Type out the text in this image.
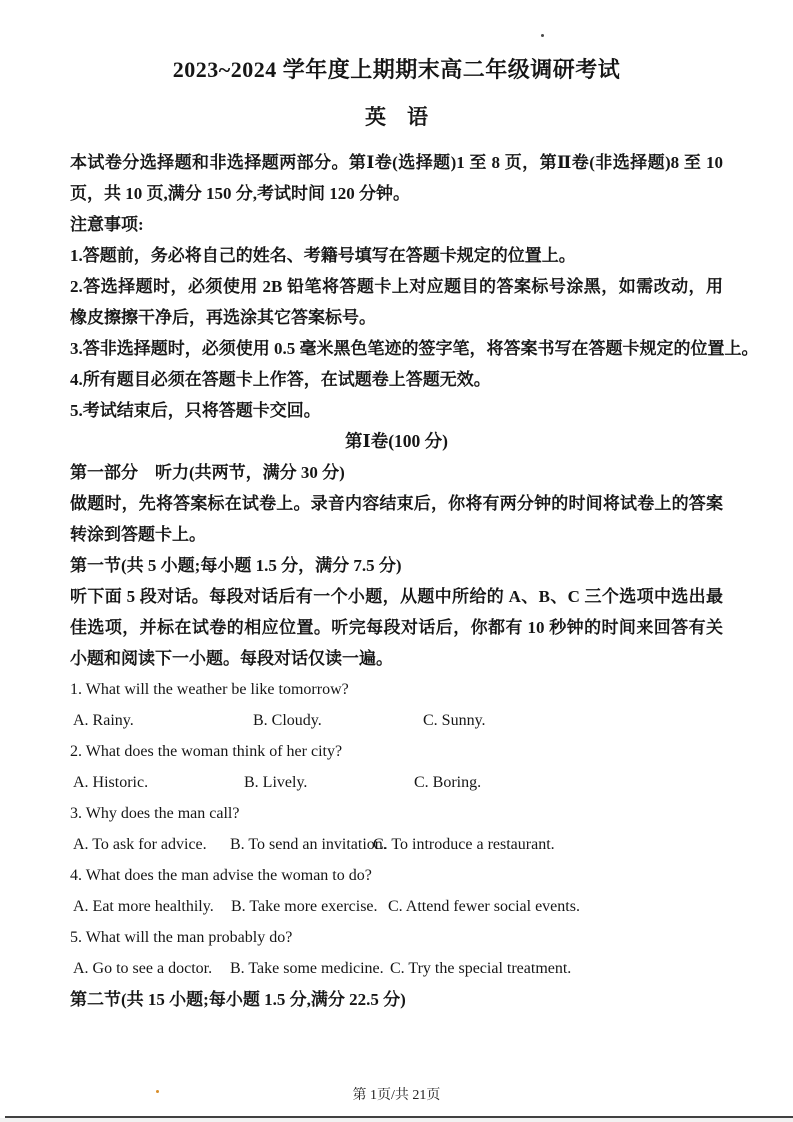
2023~2024 学年度上期期末高二年级调研考试
英　语

本试卷分选择题和非选择题两部分。第Ⅰ卷(选择题)1 至 8 页，第Ⅱ卷(非选择题)8 至 10 页，共 10 页,满分 150 分,考试时间 120 分钟。

注意事项:

1.答题前，务必将自己的姓名、考籍号填写在答题卡规定的位置上。

2.答选择题时，必须使用 2B 铅笔将答题卡上对应题目的答案标号涂黑，如需改动，用橡皮擦擦干净后，再选涂其它答案标号。

3.答非选择题时，必须使用 0.5 毫米黑色笔迹的签字笔，将答案书写在答题卡规定的位置上。

4.所有题目必须在答题卡上作答，在试题卷上答题无效。

5.考试结束后，只将答题卡交回。

第Ⅰ卷(100 分)

第一部分　听力(共两节，满分 30 分)

做题时，先将答案标在试卷上。录音内容结束后，你将有两分钟的时间将试卷上的答案转涂到答题卡上。

第一节(共 5 小题;每小题 1.5 分，满分 7.5 分)

听下面 5 段对话。每段对话后有一个小题，从题中所给的 A、B、C 三个选项中选出最佳选项，并标在试卷的相应位置。听完每段对话后，你都有 10 秒钟的时间来回答有关小题和阅读下一小题。每段对话仅读一遍。

1. What will the weather be like tomorrow?

A. Rainy.	B. Cloudy.	C. Sunny.

2. What does the woman think of her city?

A. Historic.	B. Lively.	C. Boring.

3. Why does the man call?

A. To ask for advice. B. To send an invitation.
C. To introduce a restaurant.

4. What does the man advise the woman to do?

A. Eat more healthily. B. Take more exercise. C. Attend fewer social events.

5. What will the man probably do?

A. Go to see a doctor. B. Take some medicine. C. Try the special treatment.

第二节(共 15 小题;每小题 1.5 分,满分 22.5 分)

第 1页/共 21页
